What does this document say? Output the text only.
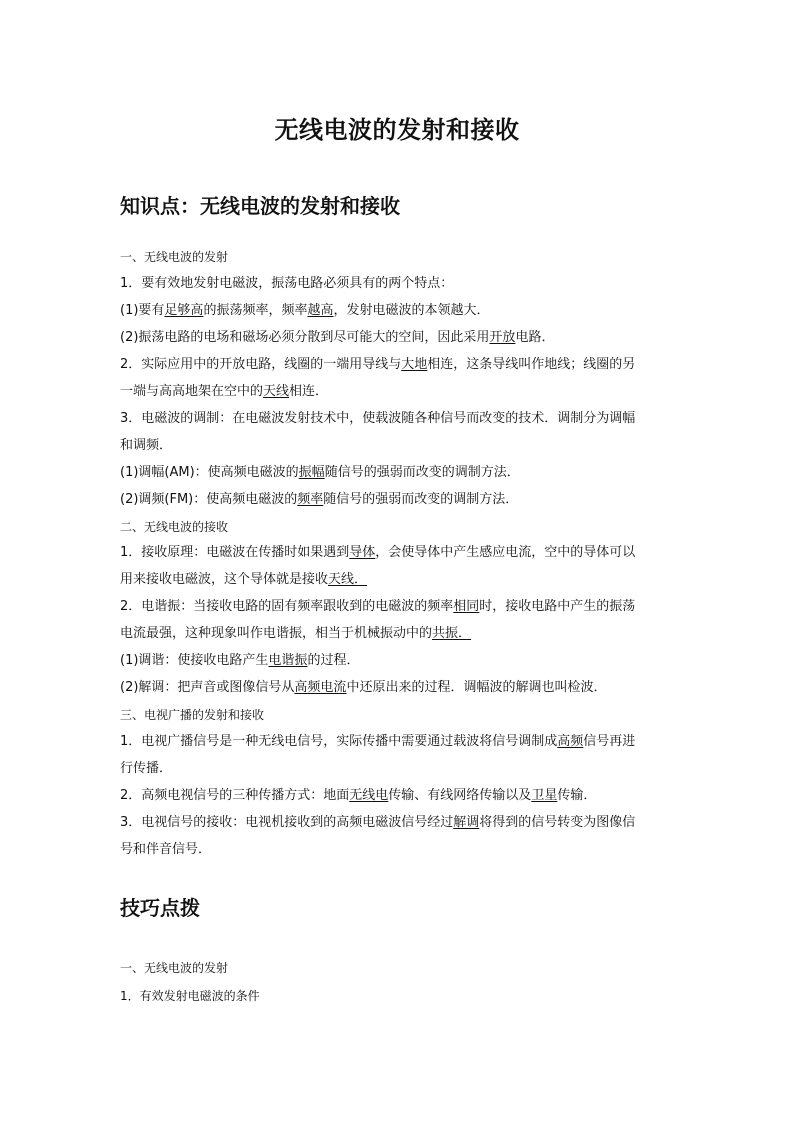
无线电波的发射和接收
知识点：无线电波的发射和接收
一、无线电波的发射
1．要有效地发射电磁波，振荡电路必须具有的两个特点：
(1)要有足够高的振荡频率，频率越高，发射电磁波的本领越大．
(2)振荡电路的电场和磁场必须分散到尽可能大的空间，因此采用开放电路．
2．实际应用中的开放电路，线圈的一端用导线与大地相连，这条导线叫作地线；线圈的另
一端与高高地架在空中的天线相连．
3．电磁波的调制：在电磁波发射技术中，使载波随各种信号而改变的技术．调制分为调幅
和调频．
(1)调幅(AM)：使高频电磁波的振幅随信号的强弱而改变的调制方法．
(2)调频(FM)：使高频电磁波的频率随信号的强弱而改变的调制方法．
二、无线电波的接收
1．接收原理：电磁波在传播时如果遇到导体，会使导体中产生感应电流，空中的导体可以
用来接收电磁波，这个导体就是接收天线．
2．电谐振：当接收电路的固有频率跟收到的电磁波的频率相同时，接收电路中产生的振荡
电流最强，这种现象叫作电谐振，相当于机械振动中的共振．
(1)调谐：使接收电路产生电谐振的过程．
(2)解调：把声音或图像信号从高频电流中还原出来的过程．调幅波的解调也叫检波．
三、电视广播的发射和接收
1．电视广播信号是一种无线电信号，实际传播中需要通过载波将信号调制成高频信号再进
行传播．
2．高频电视信号的三种传播方式：地面无线电传输、有线网络传输以及卫星传输．
3．电视信号的接收：电视机接收到的高频电磁波信号经过解调将得到的信号转变为图像信
号和伴音信号．
技巧点拨
一、无线电波的发射
1．有效发射电磁波的条件
